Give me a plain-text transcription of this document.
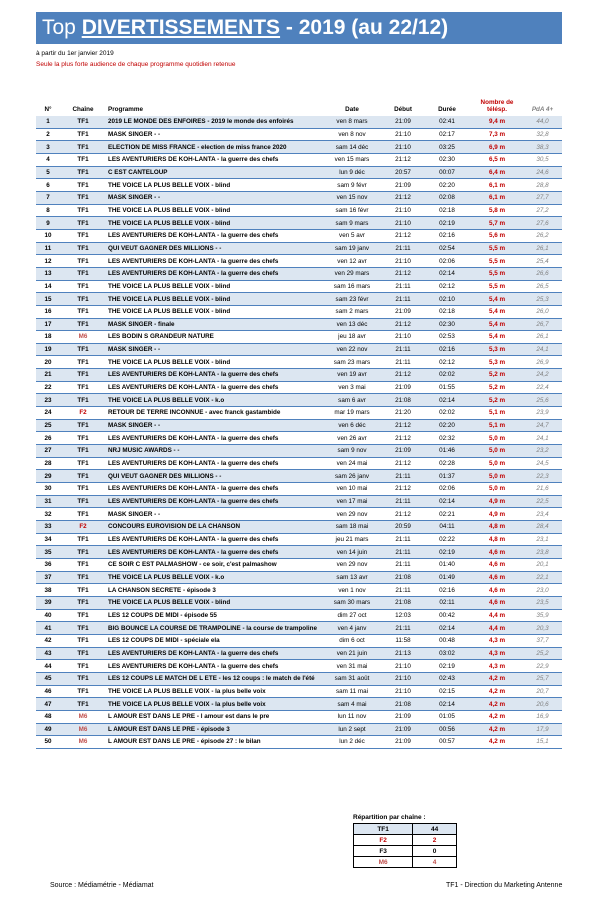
Top DIVERTISSEMENTS - 2019 (au 22/12)
à partir du 1er janvier 2019
Seule la plus forte audience de chaque programme quotidien retenue
N°	Chaîne	Programme	Date	Début	Durée	Nombre de télésp.	PdA 4+
1	TF1	2019 LE MONDE DES ENFOIRES - 2019 le monde des enfoirés	ven 8 mars	21:09	02:41	9,4 m	44,0
2	TF1	MASK SINGER - -	ven 8 nov	21:10	02:17	7,3 m	32,8
3	TF1	ELECTION DE MISS FRANCE - election de miss france 2020	sam 14 déc	21:10	03:25	6,9 m	38,3
4	TF1	LES AVENTURIERS DE KOH-LANTA - la guerre des chefs	ven 15 mars	21:12	02:30	6,5 m	30,5
5	TF1	C EST CANTELOUP	lun 9 déc	20:57	00:07	6,4 m	24,6
6	TF1	THE VOICE LA PLUS BELLE VOIX - blind	sam 9 févr	21:09	02:20	6,1 m	28,8
7	TF1	MASK SINGER - -	ven 15 nov	21:12	02:08	6,1 m	27,7
8	TF1	THE VOICE LA PLUS BELLE VOIX - blind	sam 16 févr	21:10	02:18	5,8 m	27,2
9	TF1	THE VOICE LA PLUS BELLE VOIX - blind	sam 9 mars	21:10	02:19	5,7 m	27,6
10	TF1	LES AVENTURIERS DE KOH-LANTA - la guerre des chefs	ven 5 avr	21:12	02:16	5,6 m	26,2
11	TF1	QUI VEUT GAGNER DES MILLIONS - -	sam 19 janv	21:11	02:54	5,5 m	26,1
12	TF1	LES AVENTURIERS DE KOH-LANTA - la guerre des chefs	ven 12 avr	21:10	02:06	5,5 m	25,4
13	TF1	LES AVENTURIERS DE KOH-LANTA - la guerre des chefs	ven 29 mars	21:12	02:14	5,5 m	26,6
14	TF1	THE VOICE LA PLUS BELLE VOIX - blind	sam 16 mars	21:11	02:12	5,5 m	26,5
15	TF1	THE VOICE LA PLUS BELLE VOIX - blind	sam 23 févr	21:11	02:10	5,4 m	25,3
16	TF1	THE VOICE LA PLUS BELLE VOIX - blind	sam 2 mars	21:09	02:18	5,4 m	26,0
17	TF1	MASK SINGER - finale	ven 13 déc	21:12	02:30	5,4 m	26,7
18	M6	LES BODIN S GRANDEUR NATURE	jeu 18 avr	21:10	02:53	5,4 m	26,1
19	TF1	MASK SINGER - -	ven 22 nov	21:11	02:16	5,3 m	24,1
20	TF1	THE VOICE LA PLUS BELLE VOIX - blind	sam 23 mars	21:11	02:12	5,3 m	26,9
21	TF1	LES AVENTURIERS DE KOH-LANTA - la guerre des chefs	ven 19 avr	21:12	02:02	5,2 m	24,2
22	TF1	LES AVENTURIERS DE KOH-LANTA - la guerre des chefs	ven 3 mai	21:09	01:55	5,2 m	22,4
23	TF1	THE VOICE LA PLUS BELLE VOIX - k.o	sam 6 avr	21:08	02:14	5,2 m	25,6
24	F2	RETOUR DE TERRE INCONNUE - avec franck gastambide	mar 19 mars	21:20	02:02	5,1 m	23,9
25	TF1	MASK SINGER - -	ven 6 déc	21:12	02:20	5,1 m	24,7
26	TF1	LES AVENTURIERS DE KOH-LANTA - la guerre des chefs	ven 26 avr	21:12	02:32	5,0 m	24,1
27	TF1	NRJ MUSIC AWARDS - -	sam 9 nov	21:09	01:46	5,0 m	23,2
28	TF1	LES AVENTURIERS DE KOH-LANTA - la guerre des chefs	ven 24 mai	21:12	02:28	5,0 m	24,5
29	TF1	QUI VEUT GAGNER DES MILLIONS - -	sam 26 janv	21:11	01:37	5,0 m	22,3
30	TF1	LES AVENTURIERS DE KOH-LANTA - la guerre des chefs	ven 10 mai	21:12	02:06	5,0 m	21,6
31	TF1	LES AVENTURIERS DE KOH-LANTA - la guerre des chefs	ven 17 mai	21:11	02:14	4,9 m	22,5
32	TF1	MASK SINGER - -	ven 29 nov	21:12	02:21	4,9 m	23,4
33	F2	CONCOURS EUROVISION DE LA CHANSON	sam 18 mai	20:59	04:11	4,8 m	28,4
34	TF1	LES AVENTURIERS DE KOH-LANTA - la guerre des chefs	jeu 21 mars	21:11	02:22	4,8 m	23,1
35	TF1	LES AVENTURIERS DE KOH-LANTA - la guerre des chefs	ven 14 juin	21:11	02:19	4,6 m	23,8
36	TF1	CE SOIR C EST PALMASHOW - ce soir, c'est palmashow	ven 29 nov	21:11	01:40	4,6 m	20,1
37	TF1	THE VOICE LA PLUS BELLE VOIX - k.o	sam 13 avr	21:08	01:49	4,6 m	22,1
38	TF1	LA CHANSON SECRETE - épisode 3	ven 1 nov	21:11	02:16	4,6 m	23,0
39	TF1	THE VOICE LA PLUS BELLE VOIX - blind	sam 30 mars	21:08	02:11	4,6 m	23,5
40	TF1	LES 12 COUPS DE MIDI - épisode 55	dim 27 oct	12:03	00:42	4,4 m	35,9
41	TF1	BIG BOUNCE LA COURSE DE TRAMPOLINE - la course de trampoline	ven 4 janv	21:11	02:14	4,4 m	20,3
42	TF1	LES 12 COUPS DE MIDI - spéciale ela	dim 6 oct	11:58	00:48	4,3 m	37,7
43	TF1	LES AVENTURIERS DE KOH-LANTA - la guerre des chefs	ven 21 juin	21:13	03:02	4,3 m	25,2
44	TF1	LES AVENTURIERS DE KOH-LANTA - la guerre des chefs	ven 31 mai	21:10	02:19	4,3 m	22,9
45	TF1	LES 12 COUPS LE MATCH DE L ETE - les 12 coups : le match de l'été	sam 31 août	21:10	02:43	4,2 m	25,7
46	TF1	THE VOICE LA PLUS BELLE VOIX - la plus belle voix	sam 11 mai	21:10	02:15	4,2 m	20,7
47	TF1	THE VOICE LA PLUS BELLE VOIX - la plus belle voix	sam 4 mai	21:08	02:14	4,2 m	20,6
48	M6	L AMOUR EST DANS LE PRE - l amour est dans le pre	lun 11 nov	21:09	01:05	4,2 m	16,9
49	M6	L AMOUR EST DANS LE PRE - épisode 3	lun 2 sept	21:09	00:56	4,2 m	17,9
50	M6	L AMOUR EST DANS LE PRE - épisode 27 : le bilan	lun 2 déc	21:09	00:57	4,2 m	15,1
Répartition par chaîne :
TF1	44
F2	2
F3	0
M6	4
Source : Médiamétrie - Médiamat	TF1 - Direction du Marketing Antenne
